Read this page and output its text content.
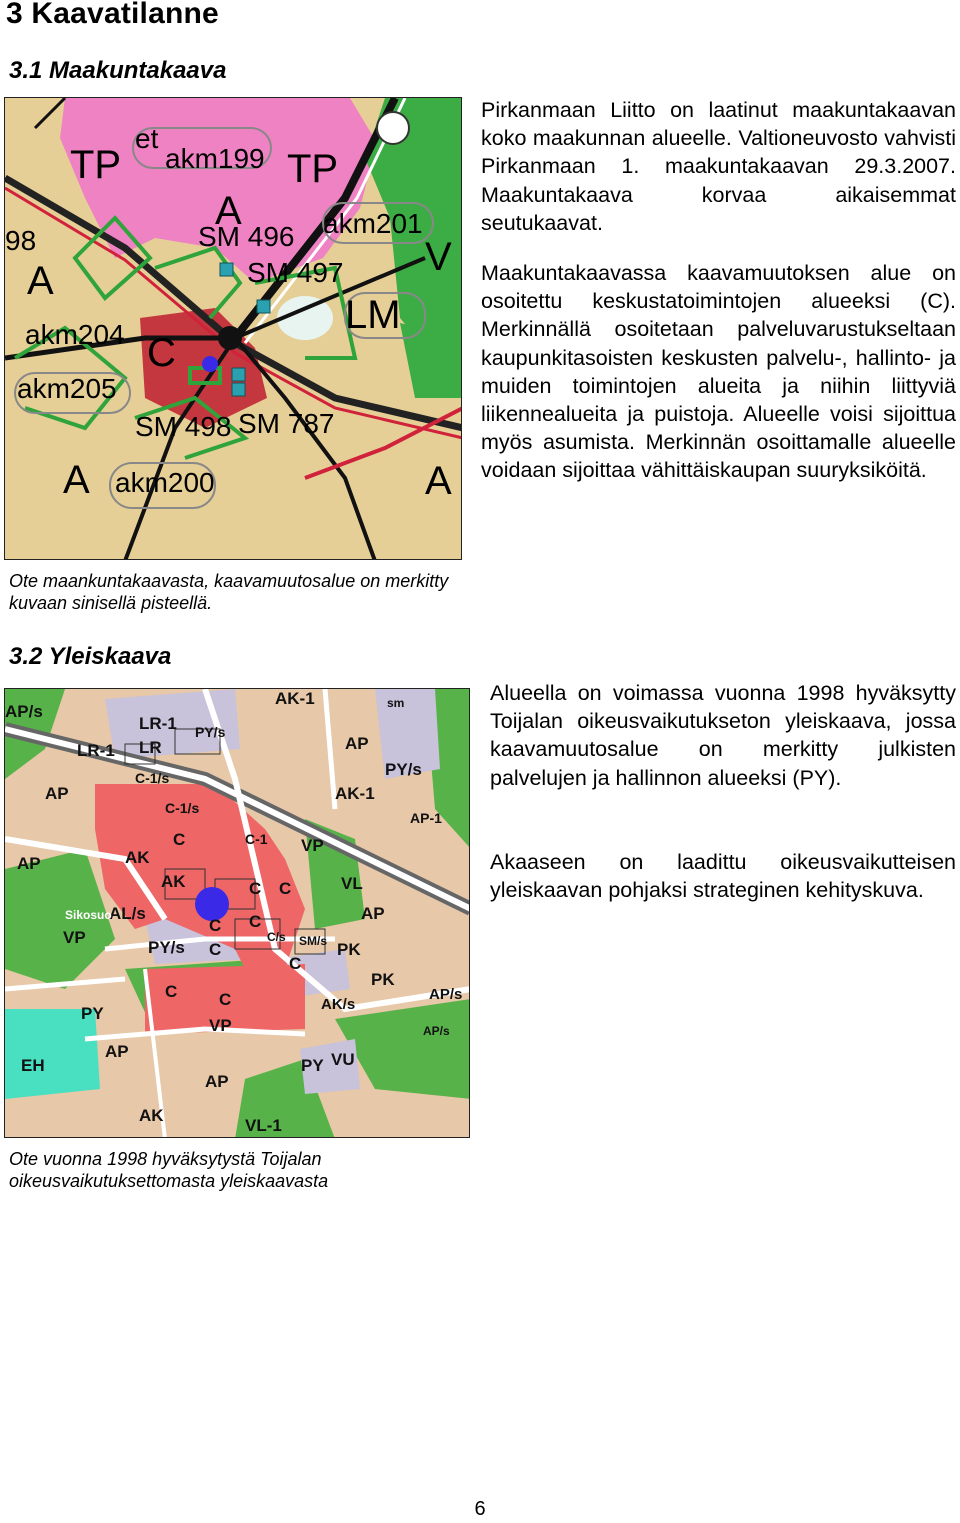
3 Kaavatilanne
3.1 Maakuntakaava
TP
et
akm199 TP
98
A
SM 496 akm201
A	SM 497 V
LM
akm204 C
akm205
SM 498 SM 787
A akm200	A
Pirkanmaan Liitto on laatinut maakuntakaavan koko maakunnan alueelle. Valtioneuvosto vahvisti Pirkanmaan 1. maakuntakaavan 29.3.2007. Maakuntakaava korvaa aikaisemmat seutukaavat.
Maakuntakaavassa kaavamuutoksen alue on osoitettu keskustatoimintojen alueeksi (C). Merkinnällä osoitetaan palveluvarustukseltaan kaupunkitasoisten keskusten palvelu-, hallinto- ja muiden toimintojen alueita ja niihin liittyviä liikennealueita ja puistoja. Alueelle voisi sijoittua myös asumista. Merkinnän osoittamalle alueelle voidaan sijoittaa vähittäiskaupan suuryksiköitä.
Ote maankuntakaavasta, kaavamuutosalue on merkitty kuvaan sinisellä pisteellä.
3.2 Yleiskaava
AP/s
AK-1
LR-1 PY/s
sm
LR-1 LR	AP
PY/s
C-1/s
AP	AK-1
C-1/s
AP-1
C	C-1 VP
AP	AK
AK	C C	VL
AL/s
Sikosuo
C C	AP
VP
PY/s C
C/s SM/s
C
PK
C C	AK/s
PK
AP/s
PY
VP
EH
AP
PY VU
AP/s
AP
AK
VL-1
Alueella on voimassa vuonna 1998 hyväksytty Toijalan oikeusvaikutukseton yleiskaava, jossa kaavamuutosalue on merkitty julkisten palvelujen ja hallinnon alueeksi (PY).
Akaaseen on laadittu oikeusvaikutteisen yleiskaavan pohjaksi strateginen kehityskuva.
Ote vuonna 1998 hyväksytystä Toijalan oikeusvaikutuksettomasta yleiskaavasta
6
